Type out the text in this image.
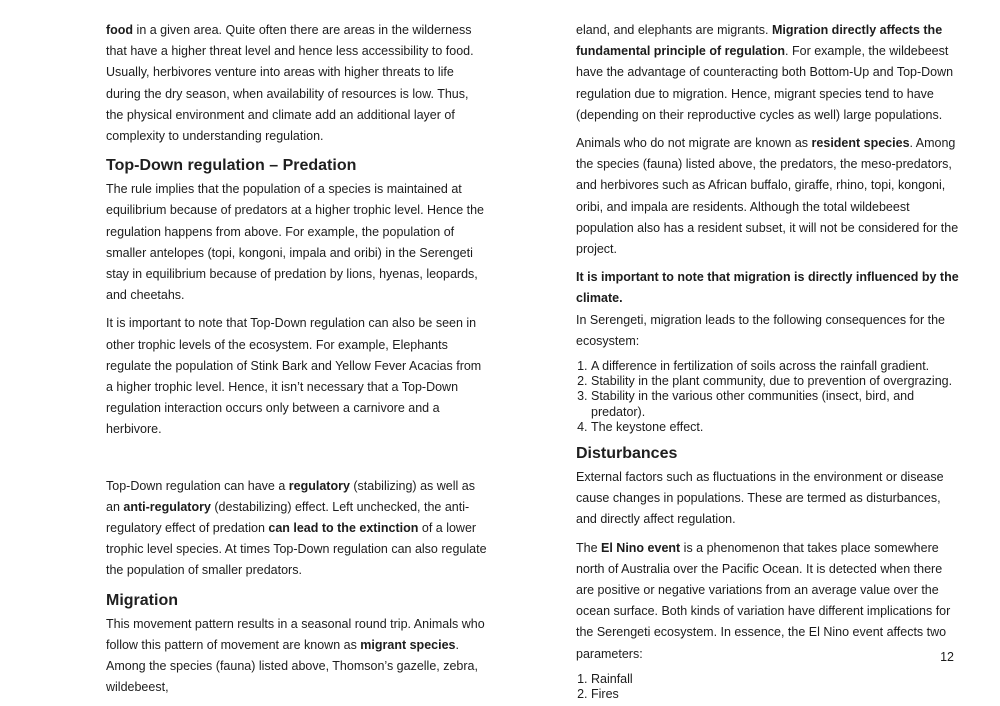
food in a given area. Quite often there are areas in the wilderness that have a higher threat level and hence less accessibility to food. Usually, herbivores venture into areas with higher threats to life during the dry season, when availability of resources is low. Thus, the physical environment and climate add an additional layer of complexity to understanding regulation.

Top-Down regulation – Predation

The rule implies that the population of a species is maintained at equilibrium because of predators at a higher trophic level. Hence the regulation happens from above. For example, the population of smaller antelopes (topi, kongoni, impala and oribi) in the Serengeti stay in equilibrium because of predation by lions, hyenas, leopards, and cheetahs.

It is important to note that Top-Down regulation can also be seen in other trophic levels of the ecosystem. For example, Elephants regulate the population of Stink Bark and Yellow Fever Acacias from a higher trophic level. Hence, it isn’t necessary that a Top-Down regulation interaction occurs only between a carnivore and a herbivore.

Top-Down regulation can have a regulatory (stabilizing) as well as an anti-regulatory (destabilizing) effect. Left unchecked, the anti-regulatory effect of predation can lead to the extinction of a lower trophic level species. At times Top-Down regulation can also regulate the population of smaller predators.

Migration

This movement pattern results in a seasonal round trip. Animals who follow this pattern of movement are known as migrant species. Among the species (fauna) listed above, Thomson’s gazelle, zebra, wildebeest,

eland, and elephants are migrants. Migration directly affects the fundamental principle of regulation. For example, the wildebeest have the advantage of counteracting both Bottom-Up and Top-Down regulation due to migration. Hence, migrant species tend to have (depending on their reproductive cycles as well) large populations.

Animals who do not migrate are known as resident species. Among the species (fauna) listed above, the predators, the meso-predators, and herbivores such as African buffalo, giraffe, rhino, topi, kongoni, oribi, and impala are residents. Although the total wildebeest population also has a resident subset, it will not be considered for the project.

It is important to note that migration is directly influenced by the climate.
In Serengeti, migration leads to the following consequences for the ecosystem:

1. A difference in fertilization of soils across the rainfall gradient.
2. Stability in the plant community, due to prevention of overgrazing.
3. Stability in the various other communities (insect, bird, and predator).
4. The keystone effect.
Disturbances

External factors such as fluctuations in the environment or disease cause changes in populations. These are termed as disturbances, and directly affect regulation.

The El Nino event is a phenomenon that takes place somewhere north of Australia over the Pacific Ocean. It is detected when there are positive or negative variations from an average value over the ocean surface. Both kinds of variation have different implications for the Serengeti ecosystem. In essence, the El Nino event affects two parameters:

1. Rainfall
2. Fires
12
